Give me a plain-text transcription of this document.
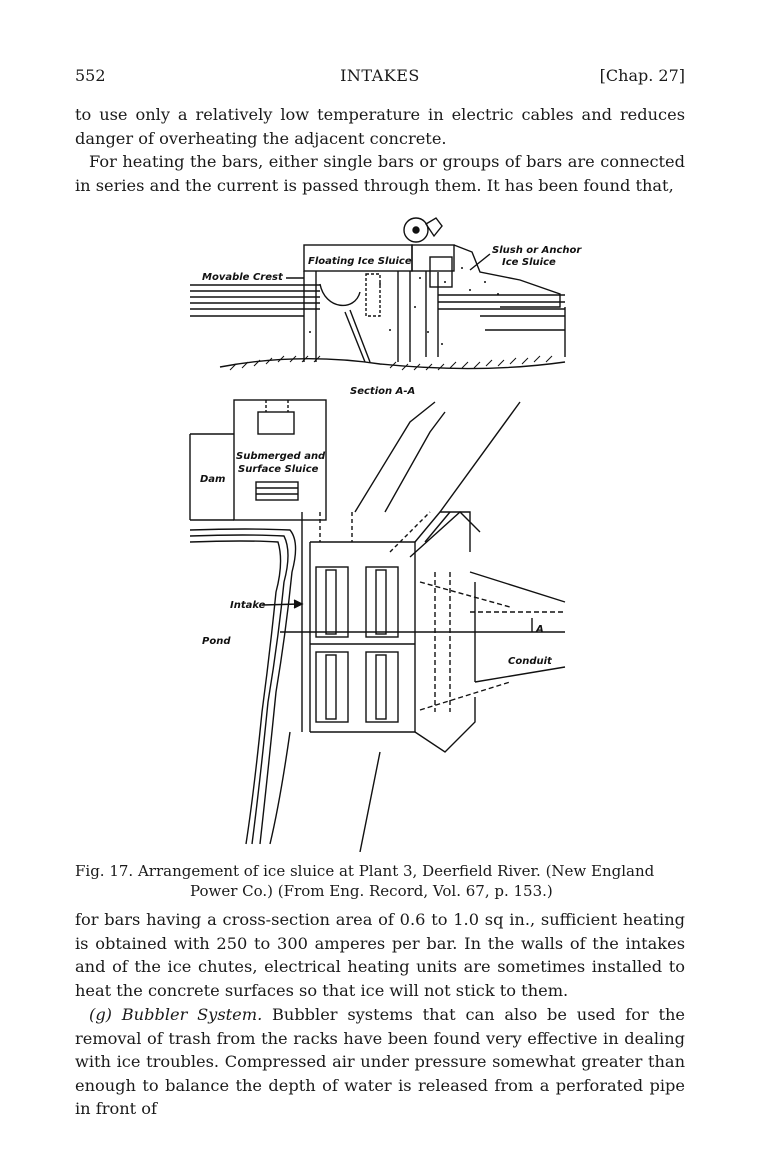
552	INTAKES	[Chap. 27]

to use only a relatively low temperature in electric cables and reduces danger of overheating the adjacent concrete.

For heating the bars, either single bars or groups of bars are connected in series and the current is passed through them. It has been found that,

Floating Ice Sluice
Slush or Anchor
Ice Sluice
Movable Crest
Section A-A
Submerged and
Surface Sluice
Dam
Intake
Pond
Conduit
A
Fig. 17. Arrangement of ice sluice at Plant 3, Deerfield River. (New England
Power Co.) (From Eng. Record, Vol. 67, p. 153.)

for bars having a cross-section area of 0.6 to 1.0 sq in., sufficient heating is obtained with 250 to 300 amperes per bar. In the walls of the intakes and of the ice chutes, electrical heating units are sometimes installed to heat the concrete surfaces so that ice will not stick to them.

(g) Bubbler System. Bubbler systems that can also be used for the removal of trash from the racks have been found very effective in dealing with ice troubles. Compressed air under pressure somewhat greater than enough to balance the depth of water is released from a perforated pipe in front of
